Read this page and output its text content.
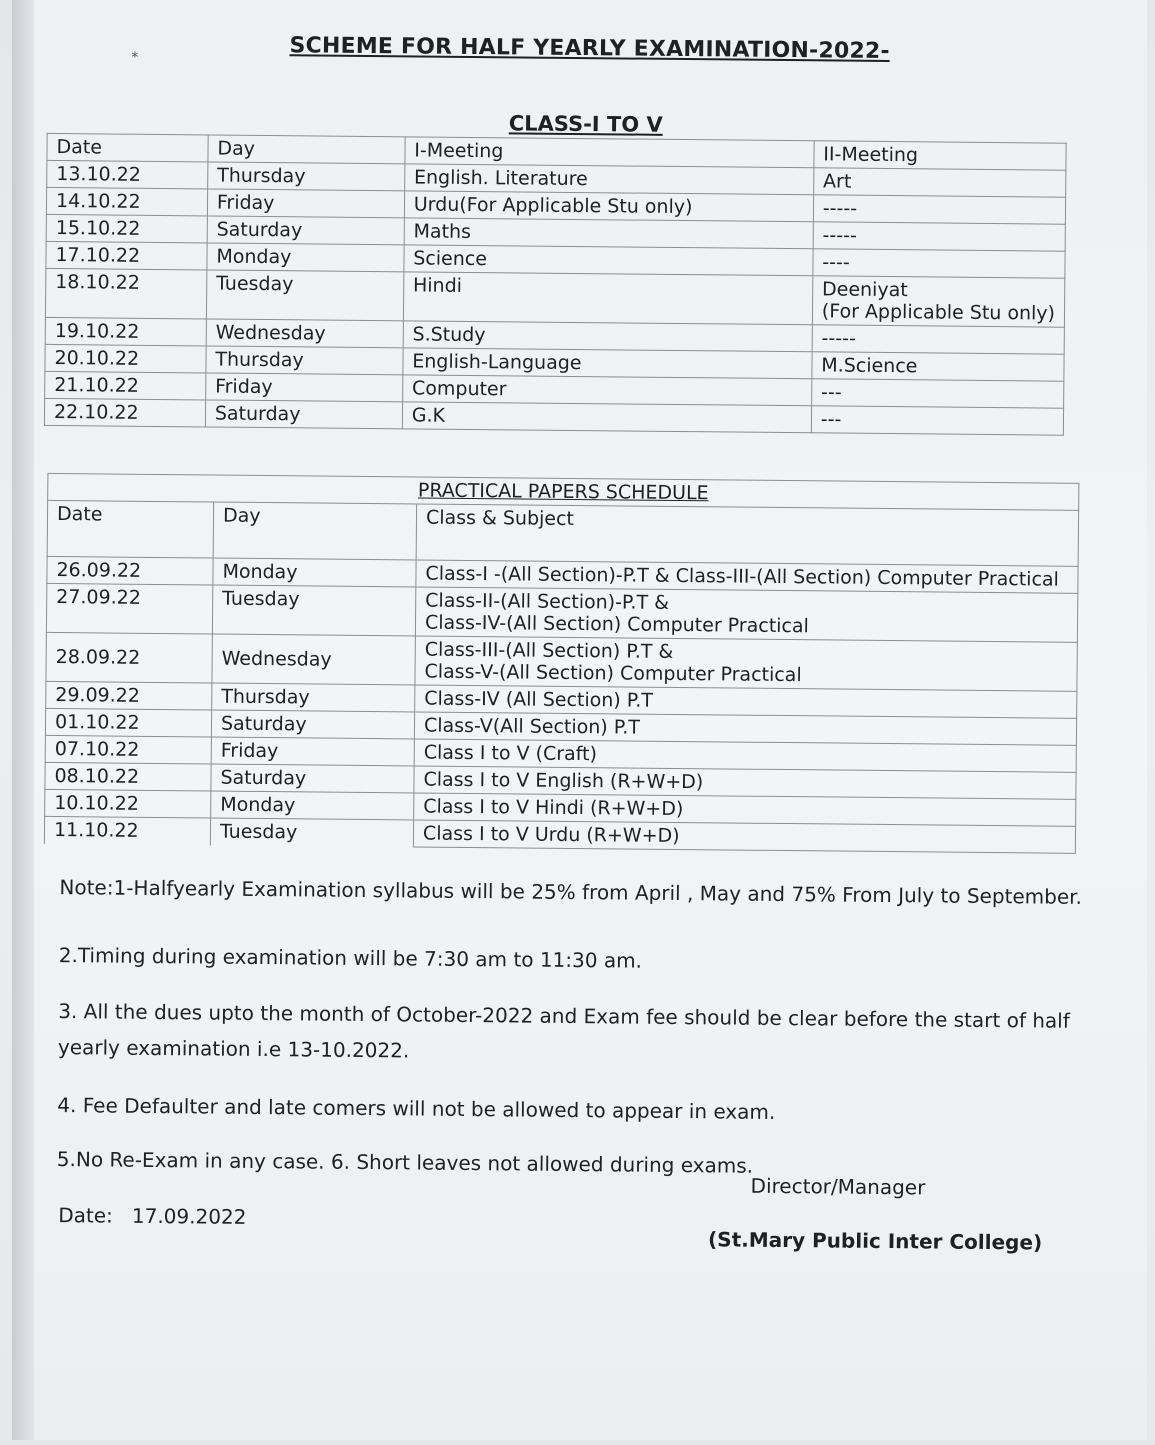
*	SCHEME FOR HALF YEARLY EXAMINATION-2022-
CLASS-I TO V
Date	Day	I-Meeting	II-Meeting
13.10.22	Thursday	English. Literature	Art
14.10.22	Friday	Urdu(For Applicable Stu only)	-----
15.10.22	Saturday	Maths	-----
17.10.22	Monday	Science	----
18.10.22	Tuesday	Hindi	Deeniyat
(For Applicable Stu only)

19.10.22	Wednesday	S.Study	-----
20.10.22	Thursday	English-Language	M.Science
21.10.22	Friday	Computer	---
22.10.22	Saturday	G.K	---
PRACTICAL PAPERS SCHEDULE		
Date	Day	Class & Subject
26.09.22	Monday	Class-I -(All Section)-P.T & Class-III-(All Section) Computer Practical
27.09.22	Tuesday	Class-II-(All Section)-P.T &
Class-IV-(All Section) Computer Practical

28.09.22	Wednesday	Class-III-(All Section) P.T &
Class-V-(All Section) Computer Practical

29.09.22	Thursday	Class-IV (All Section) P.T
01.10.22	Saturday	Class-V(All Section) P.T
07.10.22	Friday	Class I to V (Craft)
08.10.22	Saturday	Class I to V English (R+W+D)
10.10.22	Monday	Class I to V Hindi (R+W+D)
11.10.22	Tuesday	Class I to V Urdu (R+W+D)
Note:1-Halfyearly Examination syllabus will be 25% from April , May and 75% From July to September.
2.Timing during examination will be 7:30 am to 11:30 am.
3. All the dues upto the month of October-2022 and Exam fee should be clear before the start of half
yearly examination i.e 13-10.2022.
4. Fee Defaulter and late comers will not be allowed to appear in exam.
5.No Re-Exam in any case. 6. Short leaves not allowed during exams.
Director/Manager
Date: 17.09.2022
(St.Mary Public Inter College)
